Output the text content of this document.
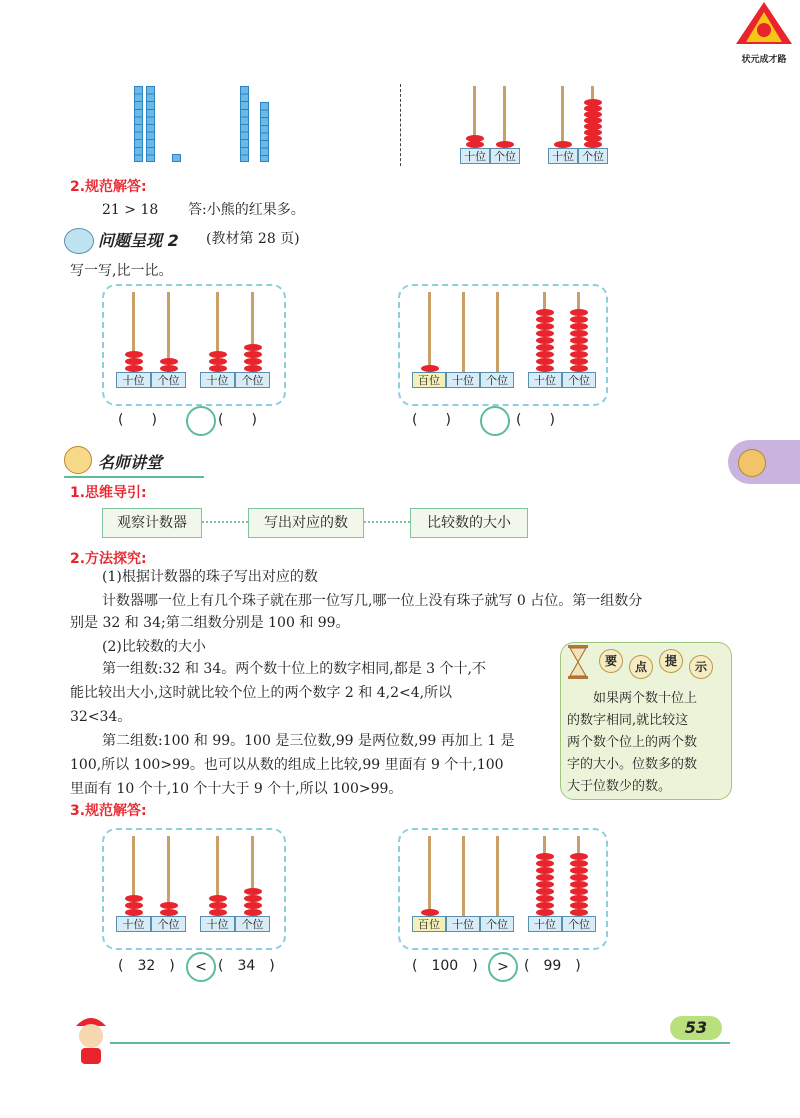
状元成才路
十位 个位	十位 个位
2.规范解答:
21 > 18 答:小熊的红果多。
问题呈现 2 (教材第 28 页)
写一写,比一比。
十位	个位	十位	个位	百位	十位	个位	十位	个位
(  )	(  )	(  )	(  )
名师讲堂
1.思维导引:
观察计数器	写出对应的数	比较数的大小
2.方法探究:
(1)根据计数器的珠子写出对应的数
计数器哪一位上有几个珠子就在那一位写几,哪一位上没有珠子就写 0 占位。第一组数分
别是 32 和 34;第二组数分别是 100 和 99。
(2)比较数的大小
第一组数:32 和 34。两个数十位上的数字相同,都是 3 个十,不
能比较出大小,这时就比较个位上的两个数字 2 和 4,2<4,所以
32<34。
第二组数:100 和 99。100 是三位数,99 是两位数,99 再加上 1 是
100,所以 100>99。也可以从数的组成上比较,99 里面有 9 个十,100
里面有 10 个十,10 个十大于 9 个十,所以 100>99。
要	点	提	示
如果两个数十位上
的数字相同,就比较这
两个数个位上的两个数
字的大小。位数多的数
大于位数少的数。
3.规范解答:
十位	个位	十位	个位	百位	十位	个位	十位	个位
(  32  )	< (  34  )	(  100  )	>	(  99  )
53
